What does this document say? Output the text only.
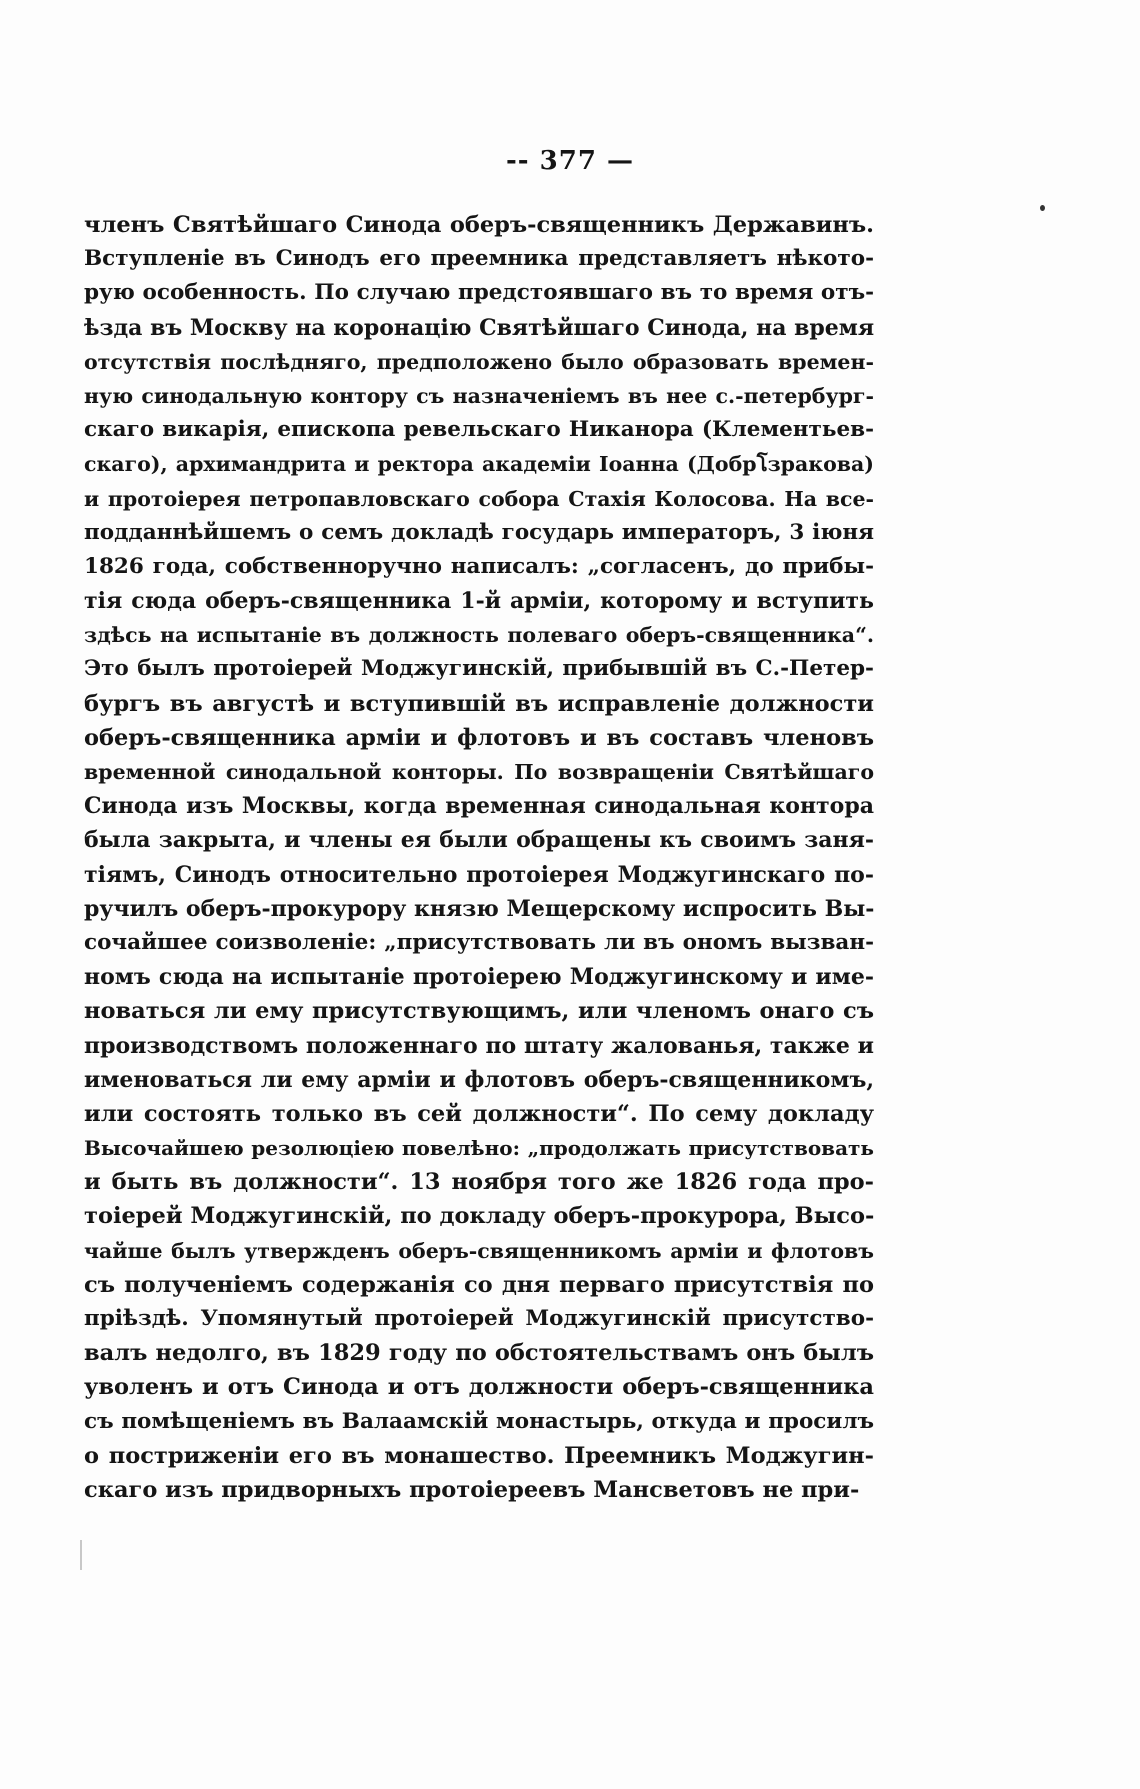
-- 377 —
членъ Святѣйшаго Синода оберъ-священникъ Державинъ.
Вступленіе въ Синодъ его преемника представляетъ нѣкото-
рую особенность. По случаю предстоявшаго въ то время отъ-
ѣзда въ Москву на коронацію Святѣйшаго Синода, на время
отсутствія послѣдняго, предположено было образовать времен-
ную синодальную контору съ назначеніемъ въ нее с.-петербург-
скаго викарія, епископа ревельскаго Никанора (Клементьев-
скаго), архимандрита и ректора академіи Іоанна (Добрโзракова)
и протоіерея петропавловскаго собора Стахія Колосова. На все-
подданнѣйшемъ о семъ докладѣ государь императоръ, 3 іюня
1826 года, собственноручно написалъ: „согласенъ, до прибы-
тія сюда оберъ-священника 1-й арміи, которому и вступить
здѣсь на испытаніе въ должность полеваго оберъ-священника“.
Это былъ протоіерей Моджугинскій, прибывшій въ С.-Петер-
бургъ въ августѣ и вступившій въ исправленіе должности
оберъ-священника арміи и флотовъ и въ составъ членовъ
временной синодальной конторы. По возвращеніи Святѣйшаго
Синода изъ Москвы, когда временная синодальная контора
была закрыта, и члены ея были обращены къ своимъ заня-
тіямъ, Синодъ относительно протоіерея Моджугинскаго по-
ручилъ оберъ-прокурору князю Мещерскому испросить Вы-
сочайшее соизволеніе: „присутствовать ли въ ономъ вызван-
номъ сюда на испытаніе протоіерею Моджугинскому и име-
новаться ли ему присутствующимъ, или членомъ онаго съ
производствомъ положеннаго по штату жалованья, также и
именоваться ли ему арміи и флотовъ оберъ-священникомъ,
или состоять только въ сей должности“. По сему докладу
Высочайшею резолюціею повелѣно: „продолжать присутствовать
и быть въ должности“. 13 ноября того же 1826 года про-
тоіерей Моджугинскій, по докладу оберъ-прокурора, Высо-
чайше былъ утвержденъ оберъ-священникомъ арміи и флотовъ
съ полученіемъ содержанія со дня перваго присутствія по
пріѣздѣ. Упомянутый протоіерей Моджугинскій присутство-
валъ недолго, въ 1829 году по обстоятельствамъ онъ былъ
уволенъ и отъ Синода и отъ должности оберъ-священника
съ помѣщеніемъ въ Валаамскій монастырь, откуда и просилъ
о постриженіи его въ монашество. Преемникъ Моджугин-
скаго изъ придворныхъ протоіереевъ Мансветовъ не при-
